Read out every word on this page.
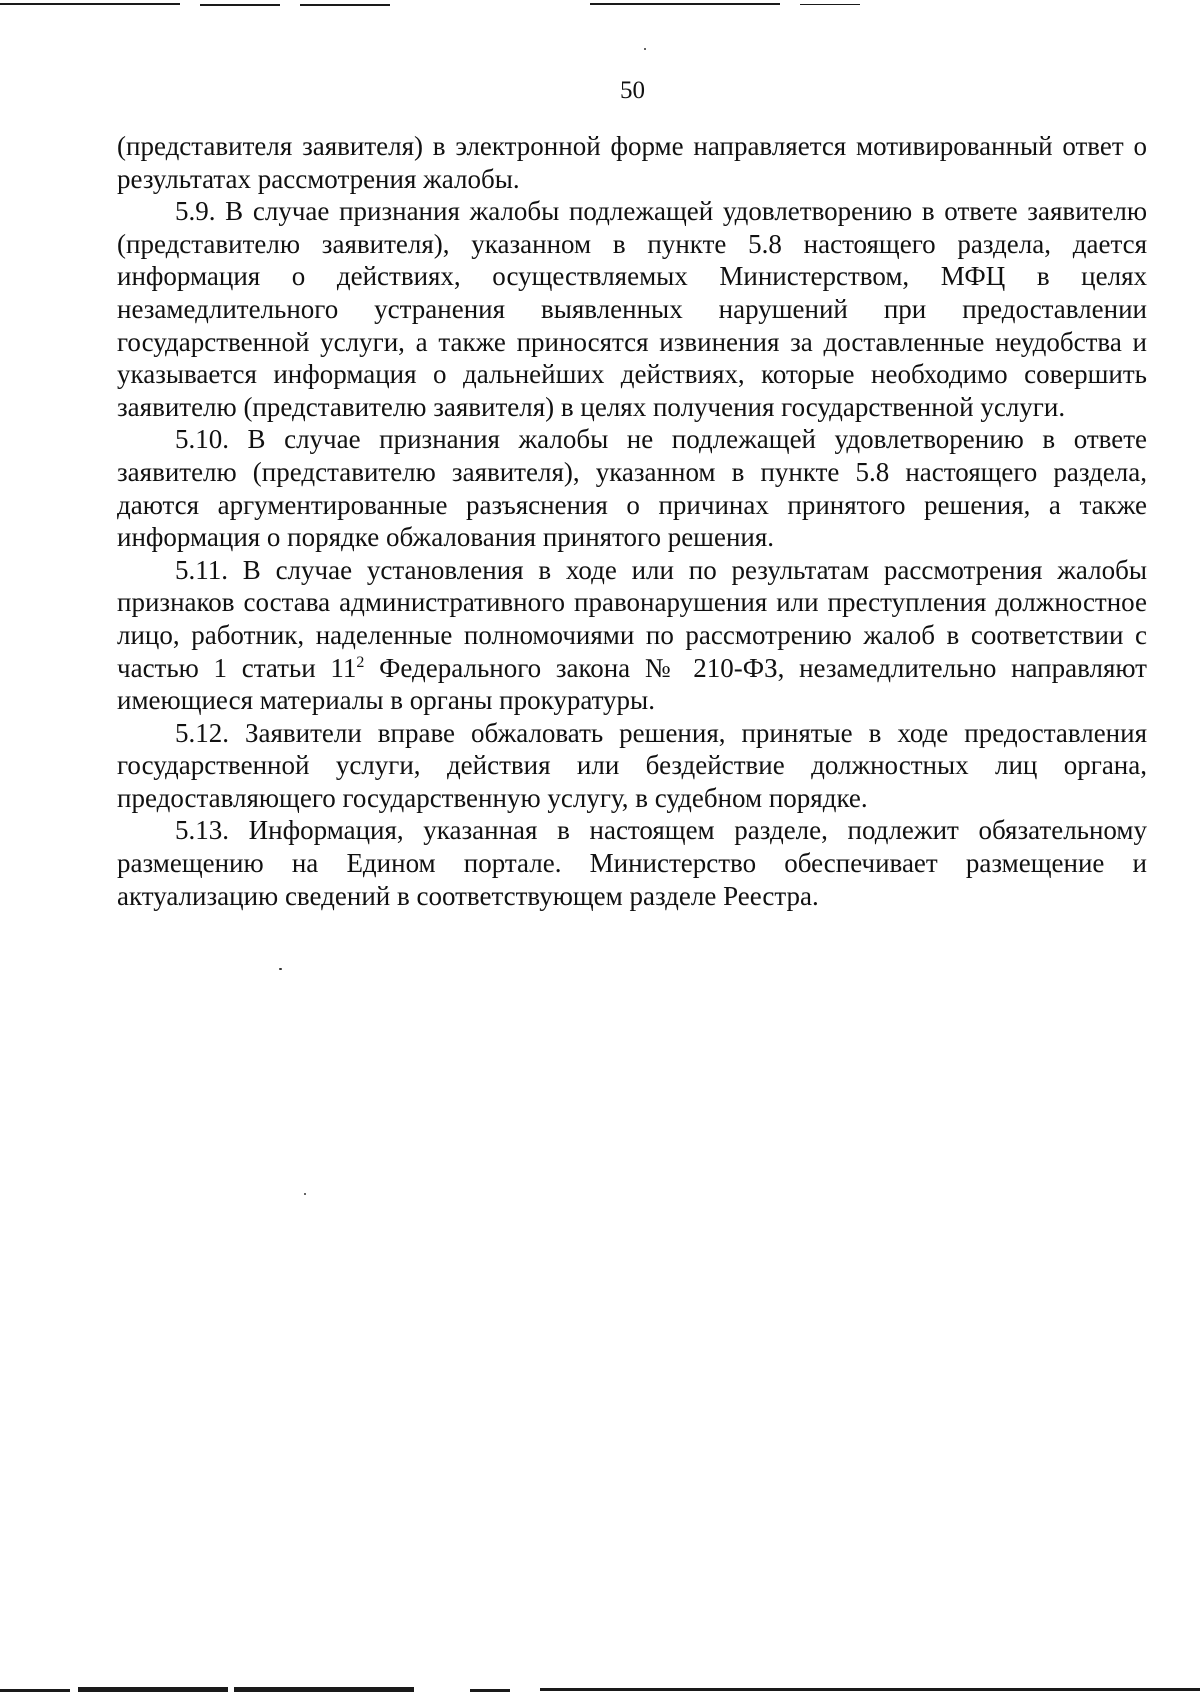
50

(представителя заявителя) в электронной форме направляется мотивированный ответ о результатах рассмотрения жалобы.

5.9. В случае признания жалобы подлежащей удовлетворению в ответе заявителю (представителю заявителя), указанном в пункте 5.8 настоящего раздела, дается информация о действиях, осуществляемых Министерством, МФЦ в целях незамедлительного устранения выявленных нарушений при предоставлении государственной услуги, а также приносятся извинения за доставленные неудобства и указывается информация о дальнейших действиях, которые необходимо совершить заявителю (представителю заявителя) в целях получения государственной услуги.

5.10. В случае признания жалобы не подлежащей удовлетворению в ответе заявителю (представителю заявителя), указанном в пункте 5.8 настоящего раздела, даются аргументированные разъяснения о причинах принятого решения, а также информация о порядке обжалования принятого решения.

5.11. В случае установления в ходе или по результатам рассмотрения жалобы признаков состава административного правонарушения или преступления должностное лицо, работник, наделенные полномочиями по рассмотрению жалоб в соответствии с частью 1 статьи $11^2$ Федерального закона № 210-ФЗ, незамедлительно направляют имеющиеся материалы в органы прокуратуры.

5.12. Заявители вправе обжаловать решения, принятые в ходе предоставления государственной услуги, действия или бездействие должностных лиц органа, предоставляющего государственную услугу, в судебном порядке.

5.13. Информация, указанная в настоящем разделе, подлежит обязательному размещению на Едином портале. Министерство обеспечивает размещение и актуализацию сведений в соответствующем разделе Реестра.
